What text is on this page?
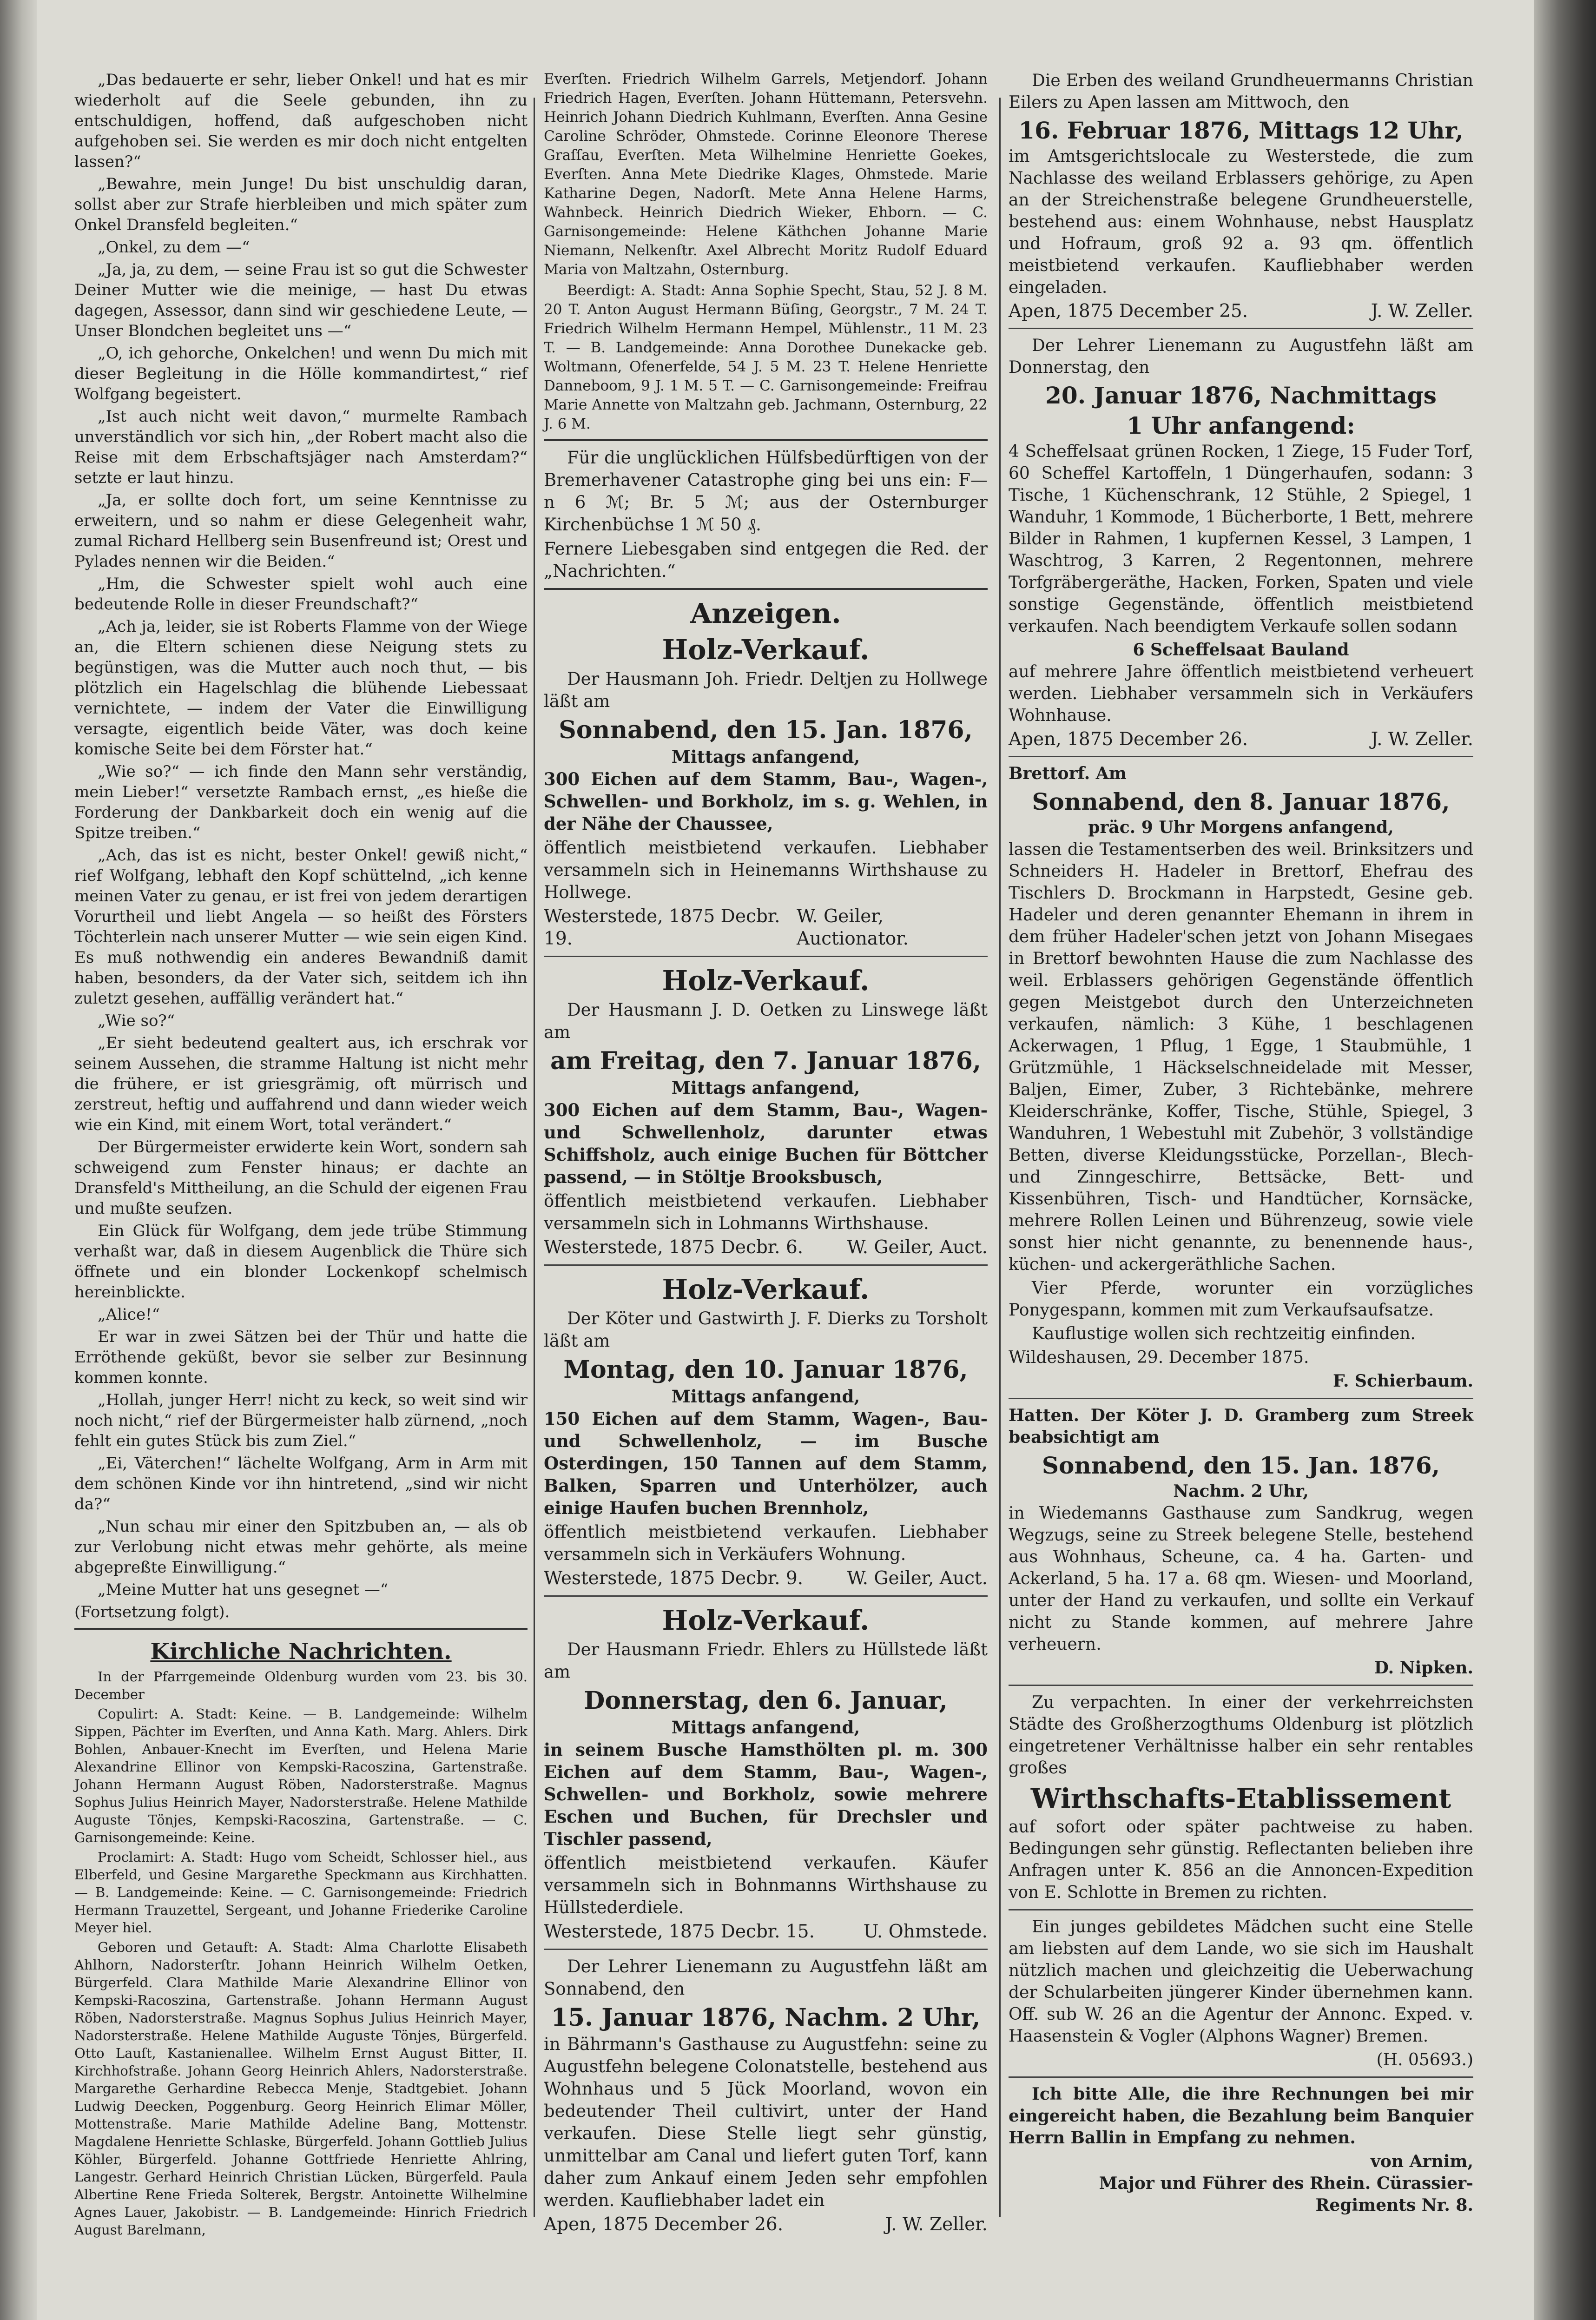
„Das bedauerte er sehr, lieber Onkel! und hat es mir wiederholt auf die Seele gebunden, ihn zu entschuldigen, hoffend, daß aufgeschoben nicht aufgehoben sei. Sie werden es mir doch nicht entgelten lassen?“

„Bewahre, mein Junge! Du bist unschuldig daran, sollst aber zur Strafe hierbleiben und mich später zum Onkel Dransfeld begleiten.“

„Onkel, zu dem —“

„Ja, ja, zu dem, — seine Frau ist so gut die Schwester Deiner Mutter wie die meinige, — hast Du etwas dagegen, Assessor, dann sind wir geschiedene Leute, — Unser Blondchen begleitet uns —“

„O, ich gehorche, Onkelchen! und wenn Du mich mit dieser Begleitung in die Hölle kommandirtest,“ rief Wolfgang begeistert.

„Ist auch nicht weit davon,“ murmelte Rambach unverständlich vor sich hin, „der Robert macht also die Reise mit dem Erbschaftsjäger nach Amsterdam?“ setzte er laut hinzu.

„Ja, er sollte doch fort, um seine Kenntnisse zu erweitern, und so nahm er diese Gelegenheit wahr, zumal Richard Hellberg sein Busenfreund ist; Orest und Pylades nennen wir die Beiden.“

„Hm, die Schwester spielt wohl auch eine bedeutende Rolle in dieser Freundschaft?“

„Ach ja, leider, sie ist Roberts Flamme von der Wiege an, die Eltern schienen diese Neigung stets zu begünstigen, was die Mutter auch noch thut, — bis plötzlich ein Hagelschlag die blühende Liebessaat vernichtete, — indem der Vater die Einwilligung versagte, eigentlich beide Väter, was doch keine komische Seite bei dem Förster hat.“

„Wie so?“ — ich finde den Mann sehr verständig, mein Lieber!“ versetzte Rambach ernst, „es hieße die Forderung der Dankbarkeit doch ein wenig auf die Spitze treiben.“

„Ach, das ist es nicht, bester Onkel! gewiß nicht,“ rief Wolfgang, lebhaft den Kopf schüttelnd, „ich kenne meinen Vater zu genau, er ist frei von jedem derartigen Vorurtheil und liebt Angela — so heißt des Försters Töchterlein nach unserer Mutter — wie sein eigen Kind. Es muß nothwendig ein anderes Bewandniß damit haben, besonders, da der Vater sich, seitdem ich ihn zuletzt gesehen, auffällig verändert hat.“

„Wie so?“

„Er sieht bedeutend gealtert aus, ich erschrak vor seinem Aussehen, die stramme Haltung ist nicht mehr die frühere, er ist griesgrämig, oft mürrisch und zerstreut, heftig und auffahrend und dann wieder weich wie ein Kind, mit einem Wort, total verändert.“

Der Bürgermeister erwiderte kein Wort, sondern sah schweigend zum Fenster hinaus; er dachte an Dransfeld's Mittheilung, an die Schuld der eigenen Frau und mußte seufzen.

Ein Glück für Wolfgang, dem jede trübe Stimmung verhaßt war, daß in diesem Augenblick die Thüre sich öffnete und ein blonder Lockenkopf schelmisch hereinblickte.

„Alice!“

Er war in zwei Sätzen bei der Thür und hatte die Erröthende geküßt, bevor sie selber zur Besinnung kommen konnte.

„Hollah, junger Herr! nicht zu keck, so weit sind wir noch nicht,“ rief der Bürgermeister halb zürnend, „noch fehlt ein gutes Stück bis zum Ziel.“

„Ei, Väterchen!“ lächelte Wolfgang, Arm in Arm mit dem schönen Kinde vor ihn hintretend, „sind wir nicht da?“

„Nun schau mir einer den Spitzbuben an, — als ob zur Verlobung nicht etwas mehr gehörte, als meine abgepreßte Einwilligung.“

„Meine Mutter hat uns gesegnet —“

(Fortsetzung folgt).

Kirchliche Nachrichten.

In der Pfarrgemeinde Oldenburg wurden vom 23. bis 30. December

Copulirt: A. Stadt: Keine. — B. Landgemeinde: Wilhelm Sippen, Pächter im Everſten, und Anna Kath. Marg. Ahlers. Dirk Bohlen, Anbauer-Knecht im Everſten, und Helena Marie Alexandrine Ellinor von Kempski-Racoszina, Gartenstraße. Johann Hermann August Röben, Nadorsterstraße. Magnus Sophus Julius Heinrich Mayer, Nadorsterstraße. Helene Mathilde Auguste Tönjes, Kempski-Racoszina, Gartenstraße. — C. Garnisongemeinde: Keine.

Proclamirt: A. Stadt: Hugo vom Scheidt, Schlosser hiel., aus Elberfeld, und Gesine Margarethe Speckmann aus Kirchhatten. — B. Landgemeinde: Keine. — C. Garnisongemeinde: Friedrich Hermann Trauzettel, Sergeant, und Johanne Friederike Caroline Meyer hiel.

Geboren und Getauft: A. Stadt: Alma Charlotte Elisabeth Ahlhorn, Nadorsterſtr. Johann Heinrich Wilhelm Oetken, Bürgerfeld. Clara Mathilde Marie Alexandrine Ellinor von Kempski-Racoszina, Gartenstraße. Johann Hermann August Röben, Nadorsterstraße. Magnus Sophus Julius Heinrich Mayer, Nadorsterstraße. Helene Mathilde Auguste Tönjes, Bürgerfeld. Otto Lauſt, Kastanienallee. Wilhelm Ernst August Bitter, II. Kirchhofstraße. Johann Georg Heinrich Ahlers, Nadorsterstraße. Margarethe Gerhardine Rebecca Menje, Stadtgebiet. Johann Ludwig Deecken, Poggenburg. Georg Heinrich Elimar Möller, Mottenstraße. Marie Mathilde Adeline Bang, Mottenstr. Magdalene Henriette Schlaske, Bürgerfeld. Johann Gottlieb Julius Köhler, Bürgerfeld. Johanne Gottfriede Henriette Ahlring, Langestr. Gerhard Heinrich Christian Lücken, Bürgerfeld. Paula Albertine Rene Frieda Solterek, Bergstr. Antoinette Wilhelmine Agnes Lauer, Jakobistr. — B. Landgemeinde: Hinrich Friedrich August Barelmann,

Everſten. Friedrich Wilhelm Garrels, Metjendorf. Johann Friedrich Hagen, Everſten. Johann Hüttemann, Petersvehn. Heinrich Johann Diedrich Kuhlmann, Everſten. Anna Gesine Caroline Schröder, Ohmstede. Corinne Eleonore Therese Graſſau, Everſten. Meta Wilhelmine Henriette Goekes, Everſten. Anna Mete Diedrike Klages, Ohmstede. Marie Katharine Degen, Nadorſt. Mete Anna Helene Harms, Wahnbeck. Heinrich Diedrich Wieker, Ehborn. — C. Garnisongemeinde: Helene Käthchen Johanne Marie Niemann, Nelkenſtr. Axel Albrecht Moritz Rudolf Eduard Maria von Maltzahn, Osternburg.

Beerdigt: A. Stadt: Anna Sophie Specht, Stau, 52 J. 8 M. 20 T. Anton August Hermann Büſing, Georgstr., 7 M. 24 T. Friedrich Wilhelm Hermann Hempel, Mühlenstr., 11 M. 23 T. — B. Landgemeinde: Anna Dorothee Dunekacke geb. Woltmann, Ofenerfelde, 54 J. 5 M. 23 T. Helene Henriette Danneboom, 9 J. 1 M. 5 T. — C. Garnisongemeinde: Freifrau Marie Annette von Maltzahn geb. Jachmann, Osternburg, 22 J. 6 M.

Für die unglücklichen Hülfsbedürftigen von der Bremerhavener Catastrophe ging bei uns ein: F—n 6 ℳ; Br. 5 ℳ; aus der Osternburger Kirchenbüchse 1 ℳ 50 ₰.

Fernere Liebesgaben sind entgegen die Red. der „Nachrichten.“

Anzeigen.
Holz-Verkauf.

Der Hausmann Joh. Friedr. Deltjen zu Hollwege läßt am

Sonnabend, den 15. Jan. 1876,
Mittags anfangend,

300 Eichen auf dem Stamm, Bau-, Wagen-, Schwellen- und Borkholz, im s. g. Wehlen, in der Nähe der Chaussee,

öffentlich meistbietend verkaufen. Liebhaber versammeln sich in Heinemanns Wirthshause zu Hollwege.

Westerstede, 1875 Decbr. 19.
W. Geiler, Auctionator.
Holz-Verkauf.

Der Hausmann J. D. Oetken zu Linswege läßt am

am Freitag, den 7. Januar 1876,
Mittags anfangend,

300 Eichen auf dem Stamm, Bau-, Wagen- und Schwellenholz, darunter etwas Schiffsholz, auch einige Buchen für Böttcher passend, — in Stöltje Brooksbusch,

öffentlich meistbietend verkaufen. Liebhaber versammeln sich in Lohmanns Wirthshause.

Westerstede, 1875 Decbr. 6. W. Geiler, Auct.
Holz-Verkauf.

Der Köter und Gastwirth J. F. Dierks zu Torsholt läßt am

Montag, den 10. Januar 1876,
Mittags anfangend,

150 Eichen auf dem Stamm, Wagen-, Bau- und Schwellenholz, — im Busche Osterdingen, 150 Tannen auf dem Stamm, Balken, Sparren und Unterhölzer, auch einige Haufen buchen Brennholz,

öffentlich meistbietend verkaufen. Liebhaber versammeln sich in Verkäufers Wohnung.

Westerstede, 1875 Decbr. 9. W. Geiler, Auct.
Holz-Verkauf.

Der Hausmann Friedr. Ehlers zu Hüllstede läßt am

Donnerstag, den 6. Januar,
Mittags anfangend,

in seinem Busche Hamsthölten pl. m. 300 Eichen auf dem Stamm, Bau-, Wagen-, Schwellen- und Borkholz, sowie mehrere Eschen und Buchen, für Drechsler und Tischler passend,

öffentlich meistbietend verkaufen. Käufer versammeln sich in Bohnmanns Wirthshause zu Hüllstederdiele.

Westerstede, 1875 Decbr. 15.	U. Ohmstede.

Der Lehrer Lienemann zu Augustfehn läßt am Sonnabend, den

15. Januar 1876, Nachm. 2 Uhr,

in Bährmann's Gasthause zu Augustfehn: seine zu Augustfehn belegene Colonatstelle, bestehend aus Wohnhaus und 5 Jück Moorland, wovon ein bedeutender Theil cultivirt, unter der Hand verkaufen. Diese Stelle liegt sehr günstig, unmittelbar am Canal und liefert guten Torf, kann daher zum Ankauf einem Jeden sehr empfohlen werden. Kaufliebhaber ladet ein

Apen, 1875 December 26.	J. W. Zeller.

Die Erben des weiland Grundheuermanns Christian Eilers zu Apen lassen am Mittwoch, den

16. Februar 1876, Mittags 12 Uhr,

im Amtsgerichtslocale zu Westerstede, die zum Nachlasse des weiland Erblassers gehörige, zu Apen an der Streichenstraße belegene Grundheuerstelle, bestehend aus: einem Wohnhause, nebst Hausplatz und Hofraum, groß 92 a. 93 qm. öffentlich meistbietend verkaufen. Kaufliebhaber werden eingeladen.

Apen, 1875 December 25.	J. W. Zeller.

Der Lehrer Lienemann zu Augustfehn läßt am Donnerstag, den

20. Januar 1876, Nachmittags
1 Uhr anfangend:

4 Scheffelsaat grünen Rocken, 1 Ziege, 15 Fuder Torf, 60 Scheffel Kartoffeln, 1 Düngerhaufen, sodann: 3 Tische, 1 Küchenschrank, 12 Stühle, 2 Spiegel, 1 Wanduhr, 1 Kommode, 1 Bücherborte, 1 Bett, mehrere Bilder in Rahmen, 1 kupfernen Kessel, 3 Lampen, 1 Waschtrog, 3 Karren, 2 Regentonnen, mehrere Torfgräbergeräthe, Hacken, Forken, Spaten und viele sonstige Gegenstände, öffentlich meistbietend verkaufen. Nach beendigtem Verkaufe sollen sodann

6 Scheffelsaat Bauland

auf mehrere Jahre öffentlich meistbietend verheuert werden. Liebhaber versammeln sich in Verkäufers Wohnhause.

Apen, 1875 December 26.	J. W. Zeller.

Brettorf. Am

Sonnabend, den 8. Januar 1876,
präc. 9 Uhr Morgens anfangend,

lassen die Testamentserben des weil. Brinksitzers und Schneiders H. Hadeler in Brettorf, Ehefrau des Tischlers D. Brockmann in Harpstedt, Gesine geb. Hadeler und deren genannter Ehemann in ihrem in dem früher Hadeler'schen jetzt von Johann Misegaes in Brettorf bewohnten Hause die zum Nachlasse des weil. Erblassers gehörigen Gegenstände öffentlich gegen Meistgebot durch den Unterzeichneten verkaufen, nämlich: 3 Kühe, 1 beschlagenen Ackerwagen, 1 Pflug, 1 Egge, 1 Staubmühle, 1 Grützmühle, 1 Häckselschneidelade mit Messer, Baljen, Eimer, Zuber, 3 Richtebänke, mehrere Kleiderschränke, Koffer, Tische, Stühle, Spiegel, 3 Wanduhren, 1 Webestuhl mit Zubehör, 3 vollständige Betten, diverse Kleidungsstücke, Porzellan-, Blech- und Zinngeschirre, Bettsäcke, Bett- und Kissenbühren, Tisch- und Handtücher, Kornsäcke, mehrere Rollen Leinen und Bührenzeug, sowie viele sonst hier nicht genannte, zu benennende haus-, küchen- und ackergeräthliche Sachen.

Vier Pferde, worunter ein vorzügliches Ponygespann, kommen mit zum Verkaufsaufsatze.

Kauflustige wollen sich rechtzeitig einfinden.

Wildeshausen, 29. December 1875.

F. Schierbaum.

Hatten. Der Köter J. D. Gramberg zum Streek beabsichtigt am

Sonnabend, den 15. Jan. 1876,
Nachm. 2 Uhr,

in Wiedemanns Gasthause zum Sandkrug, wegen Wegzugs, seine zu Streek belegene Stelle, bestehend aus Wohnhaus, Scheune, ca. 4 ha. Garten- und Ackerland, 5 ha. 17 a. 68 qm. Wiesen- und Moorland, unter der Hand zu verkaufen, und sollte ein Verkauf nicht zu Stande kommen, auf mehrere Jahre verheuern.

D. Nipken.

Zu verpachten. In einer der verkehrreichsten Städte des Großherzogthums Oldenburg ist plötzlich eingetretener Verhältnisse halber ein sehr rentables großes

Wirthschafts-Etablissement

auf sofort oder später pachtweise zu haben. Bedingungen sehr günstig. Reflectanten belieben ihre Anfragen unter K. 856 an die Annoncen-Expedition von E. Schlotte in Bremen zu richten.

Ein junges gebildetes Mädchen sucht eine Stelle am liebsten auf dem Lande, wo sie sich im Haushalt nützlich machen und gleichzeitig die Ueberwachung der Schularbeiten jüngerer Kinder übernehmen kann. Off. sub W. 26 an die Agentur der Annonc. Exped. v. Haasenstein & Vogler (Alphons Wagner) Bremen.

(H. 05693.)

Ich bitte Alle, die ihre Rechnungen bei mir eingereicht haben, die Bezahlung beim Banquier Herrn Ballin in Empfang zu nehmen.

von Arnim,
Major und Führer des Rhein. Cürassier-Regiments Nr. 8.
